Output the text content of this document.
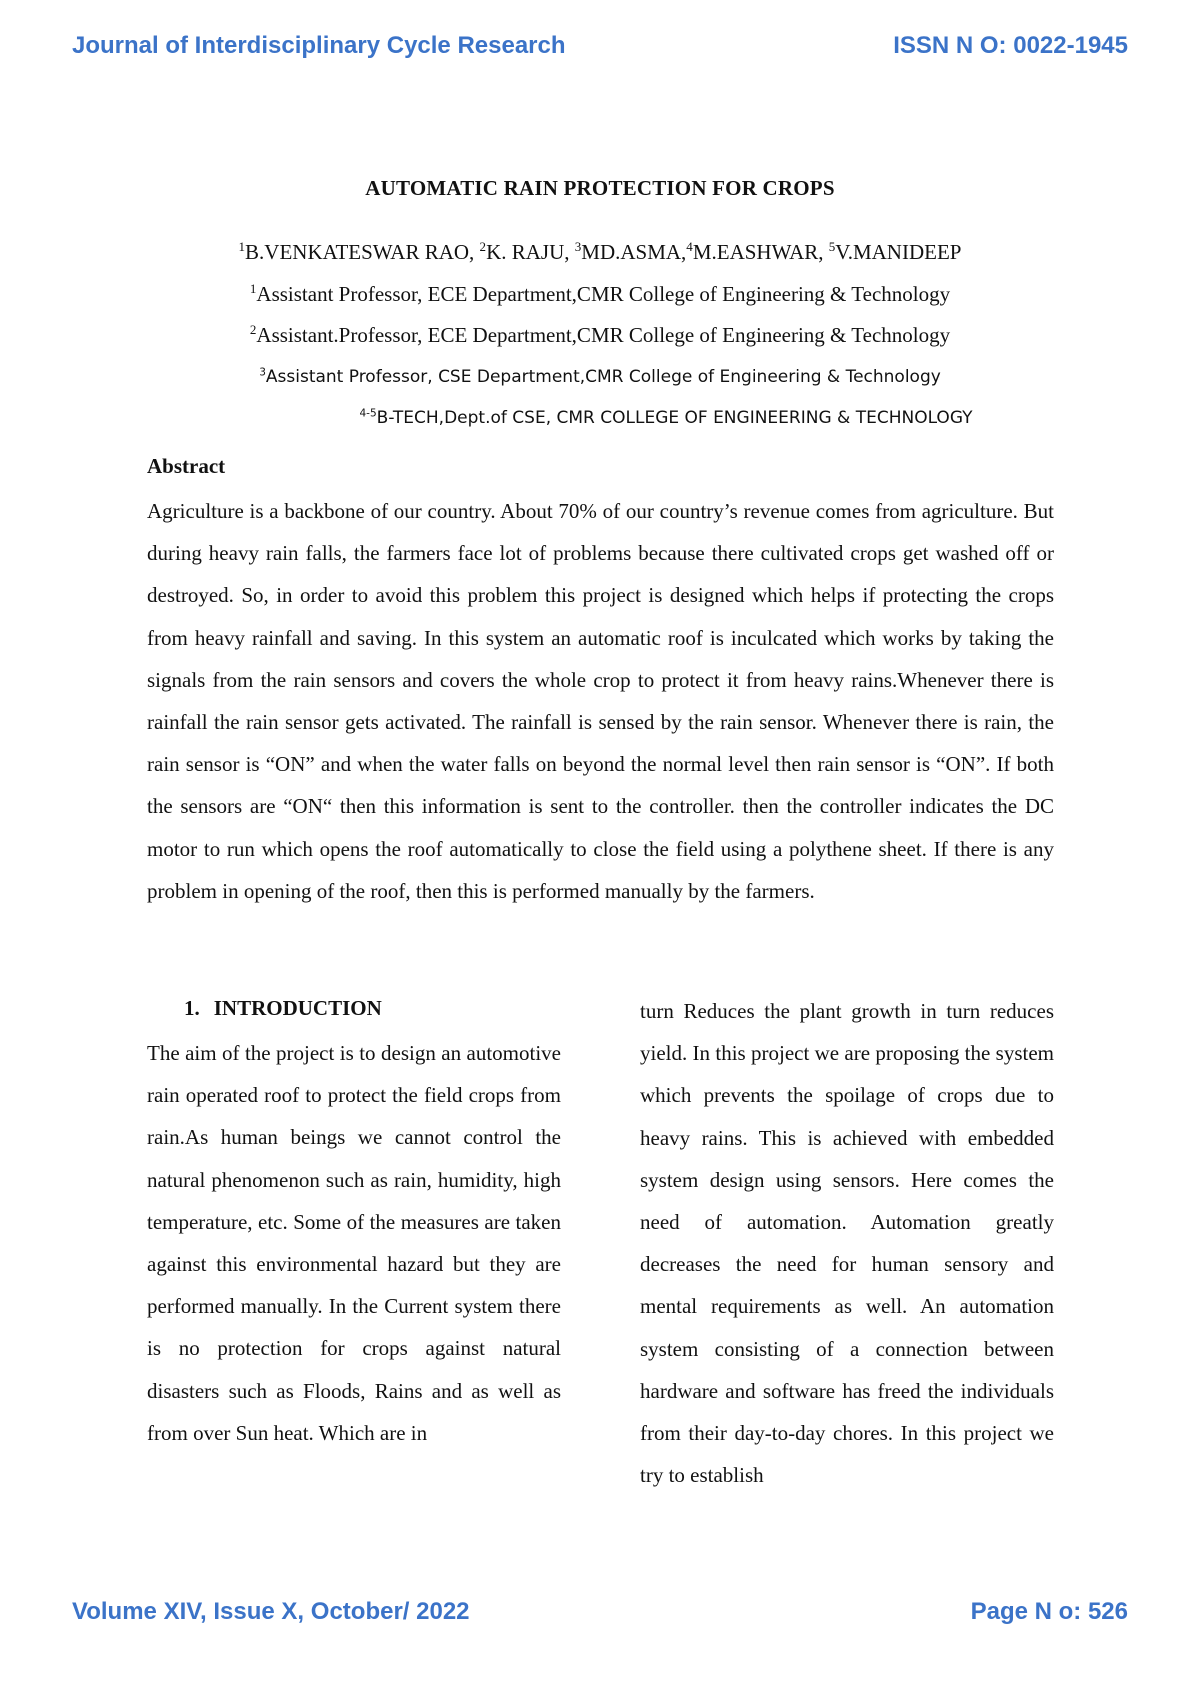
Journal of Interdisciplinary Cycle Research	ISSN N O: 0022-1945
AUTOMATIC RAIN PROTECTION FOR CROPS
$^1$B.VENKATESWAR RAO, $^2$K. RAJU, $^3$MD.ASMA,$^4$M.EASHWAR, $^5$V.MANIDEEP
$^1$Assistant Professor, ECE Department,CMR College of Engineering & Technology
$^2$Assistant.Professor, ECE Department,CMR College of Engineering & Technology
$^3$Assistant Professor, CSE Department,CMR College of Engineering & Technology
$^{4-5}$B-TECH,Dept.of CSE, CMR COLLEGE OF ENGINEERING & TECHNOLOGY
Abstract

Agriculture is a backbone of our country. About 70% of our country’s revenue comes from agriculture. But during heavy rain falls, the farmers face lot of problems because there cultivated crops get washed off or destroyed. So, in order to avoid this problem this project is designed which helps if protecting the crops from heavy rainfall and saving. In this system an automatic roof is inculcated which works by taking the signals from the rain sensors and covers the whole crop to protect it from heavy rains.Whenever there is rainfall the rain sensor gets activated. The rainfall is sensed by the rain sensor. Whenever there is rain, the rain sensor is “ON” and when the water falls on beyond the normal level then rain sensor is “ON”. If both the sensors are “ON“ then this information is sent to the controller. then the controller indicates the DC motor to run which opens the roof automatically to close the field using a polythene sheet. If there is any problem in opening of the roof, then this is performed manually by the farmers.

1. INTRODUCTION

The aim of the project is to design an automotive rain operated roof to protect the field crops from rain.As human beings we cannot control the natural phenomenon such as rain, humidity, high temperature, etc. Some of the measures are taken against this environmental hazard but they are performed manually. In the Current system there is no protection for crops against natural disasters such as Floods, Rains and as well as from over Sun heat. Which are in

turn Reduces the plant growth in turn reduces yield. In this project we are proposing the system which prevents the spoilage of crops due to heavy rains. This is achieved with embedded system design using sensors. Here comes the need of automation. Automation greatly decreases the need for human sensory and mental requirements as well. An automation system consisting of a connection between hardware and software has freed the individuals from their day-to-day chores. In this project we try to establish

Volume XIV, Issue X, October/ 2022	Page N o: 526
